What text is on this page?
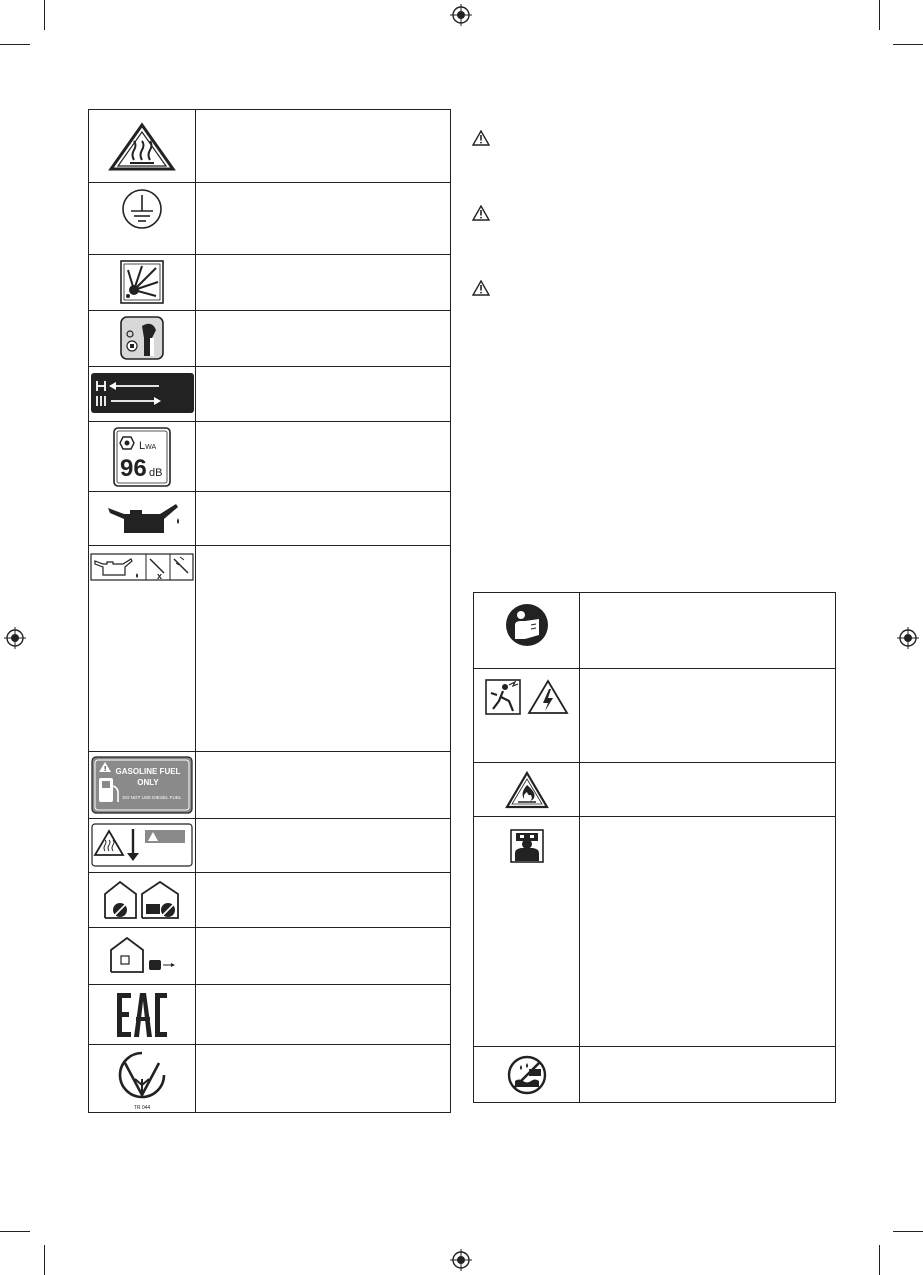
LWA
96 dB	

x	

! GASOLINE FUEL
ONLY
DO NOT USE DIESEL FUEL	

TR 044	
